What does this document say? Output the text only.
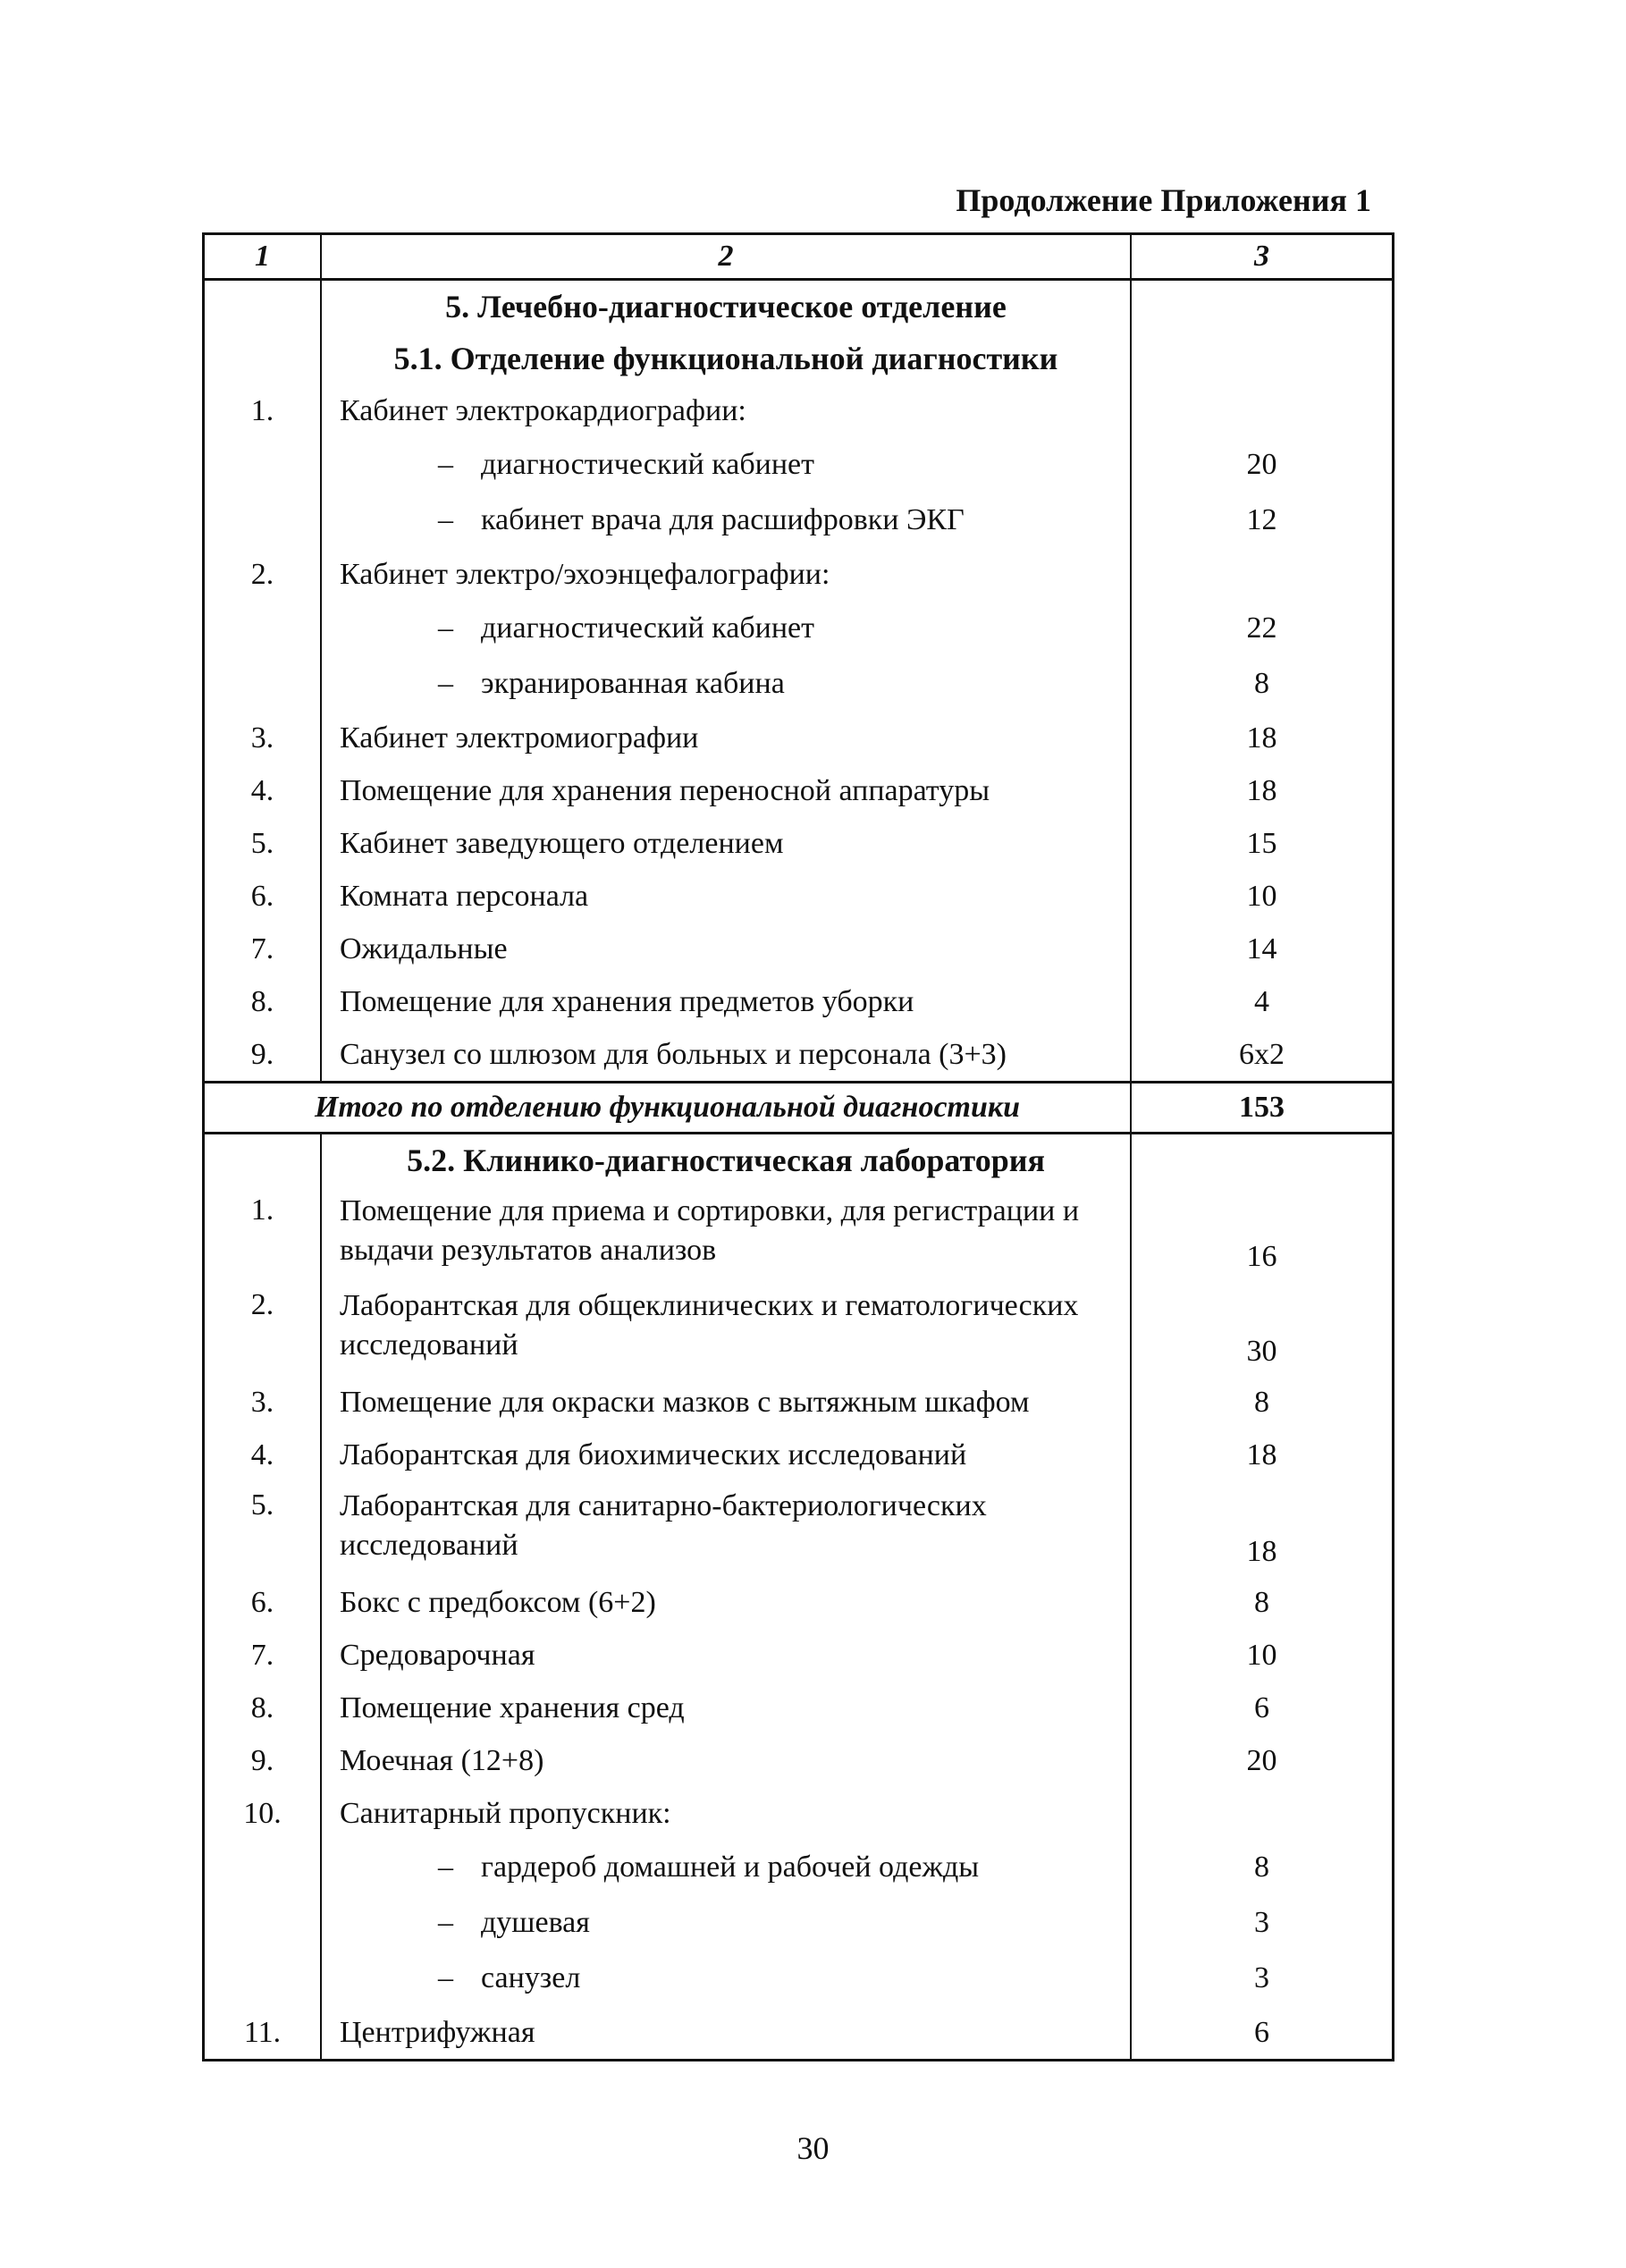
Продолжение Приложения 1
1	2	3
	5. Лечебно-диагностическое отделение	
	5.1. Отделение функциональной диагностики	
1.	Кабинет электрокардиографии:	
	– диагностический кабинет	20
	– кабинет врача для расшифровки ЭКГ	12
2.	Кабинет электро/эхоэнцефалографии:	
	– диагностический кабинет	22
	– экранированная кабина	8
3.	Кабинет электромиографии	18
4.	Помещение для хранения переносной аппаратуры	18
5.	Кабинет заведующего отделением	15
6.	Комната персонала	10
7.	Ожидальные	14
8.	Помещение для хранения предметов уборки	4
9.	Санузел со шлюзом для больных и персонала (3+3)	6х2
Итого по отделению функциональной диагностики		153
	5.2. Клинико-диагностическая лаборатория	
1.	Помещение для приема и сортировки, для регистрации и выдачи результатов анализов	16
2.	Лаборантская для общеклинических и гематологических исследований	30
3.	Помещение для окраски мазков с вытяжным шкафом	8
4.	Лаборантская для биохимических исследований	18
5.	Лаборантская для санитарно-бактериологических исследований	18
6.	Бокс с предбоксом (6+2)	8
7.	Средоварочная	10
8.	Помещение хранения сред	6
9.	Моечная (12+8)	20
10.	Санитарный пропускник:	
	– гардероб домашней и рабочей одежды	8
	– душевая	3
	– санузел	3
11.	Центрифужная	6
30
